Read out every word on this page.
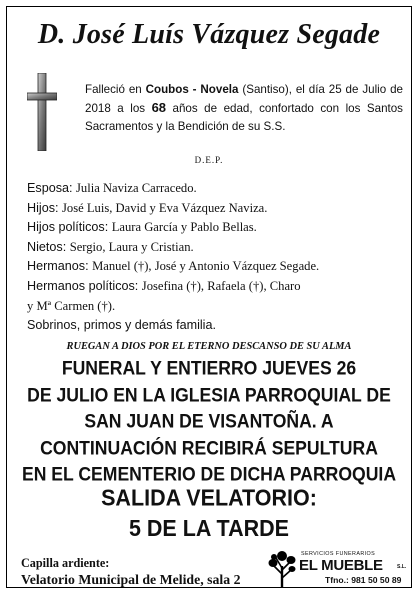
D. José Luís Vázquez Segade
Falleció en Coubos - Novela (Santiso), el día 25 de Julio de 2018 a los 68 años de edad, confortado con los Santos Sacramentos y la Bendición de su S.S.
D.E.P.
Esposa: Julia Naviza Carracedo.
Hijos: José Luis, David y Eva Vázquez Naviza.
Hijos políticos: Laura García y Pablo Bellas.
Nietos: Sergio, Laura y Cristian.
Hermanos: Manuel (†), José y Antonio Vázquez Segade.
Hermanos políticos: Josefina (†), Rafaela (†), Charo
y Mª Carmen (†).
Sobrinos, primos y demás familia.
RUEGAN A DIOS POR EL ETERNO DESCANSO DE SU ALMA
FUNERAL Y ENTIERRO JUEVES 26
DE JULIO EN LA IGLESIA PARROQUIAL DE
SAN JUAN DE VISANTOÑA. A
CONTINUACIÓN RECIBIRÁ SEPULTURA
EN EL CEMENTERIO DE DICHA PARROQUIA
SALIDA VELATORIO:
5 DE LA TARDE
Capilla ardiente:
Velatorio Municipal de Melide, sala 2
SERVICIOS FUNERARIOS
EL MUEBLE	S.L.
Tfno.: 981 50 50 89
